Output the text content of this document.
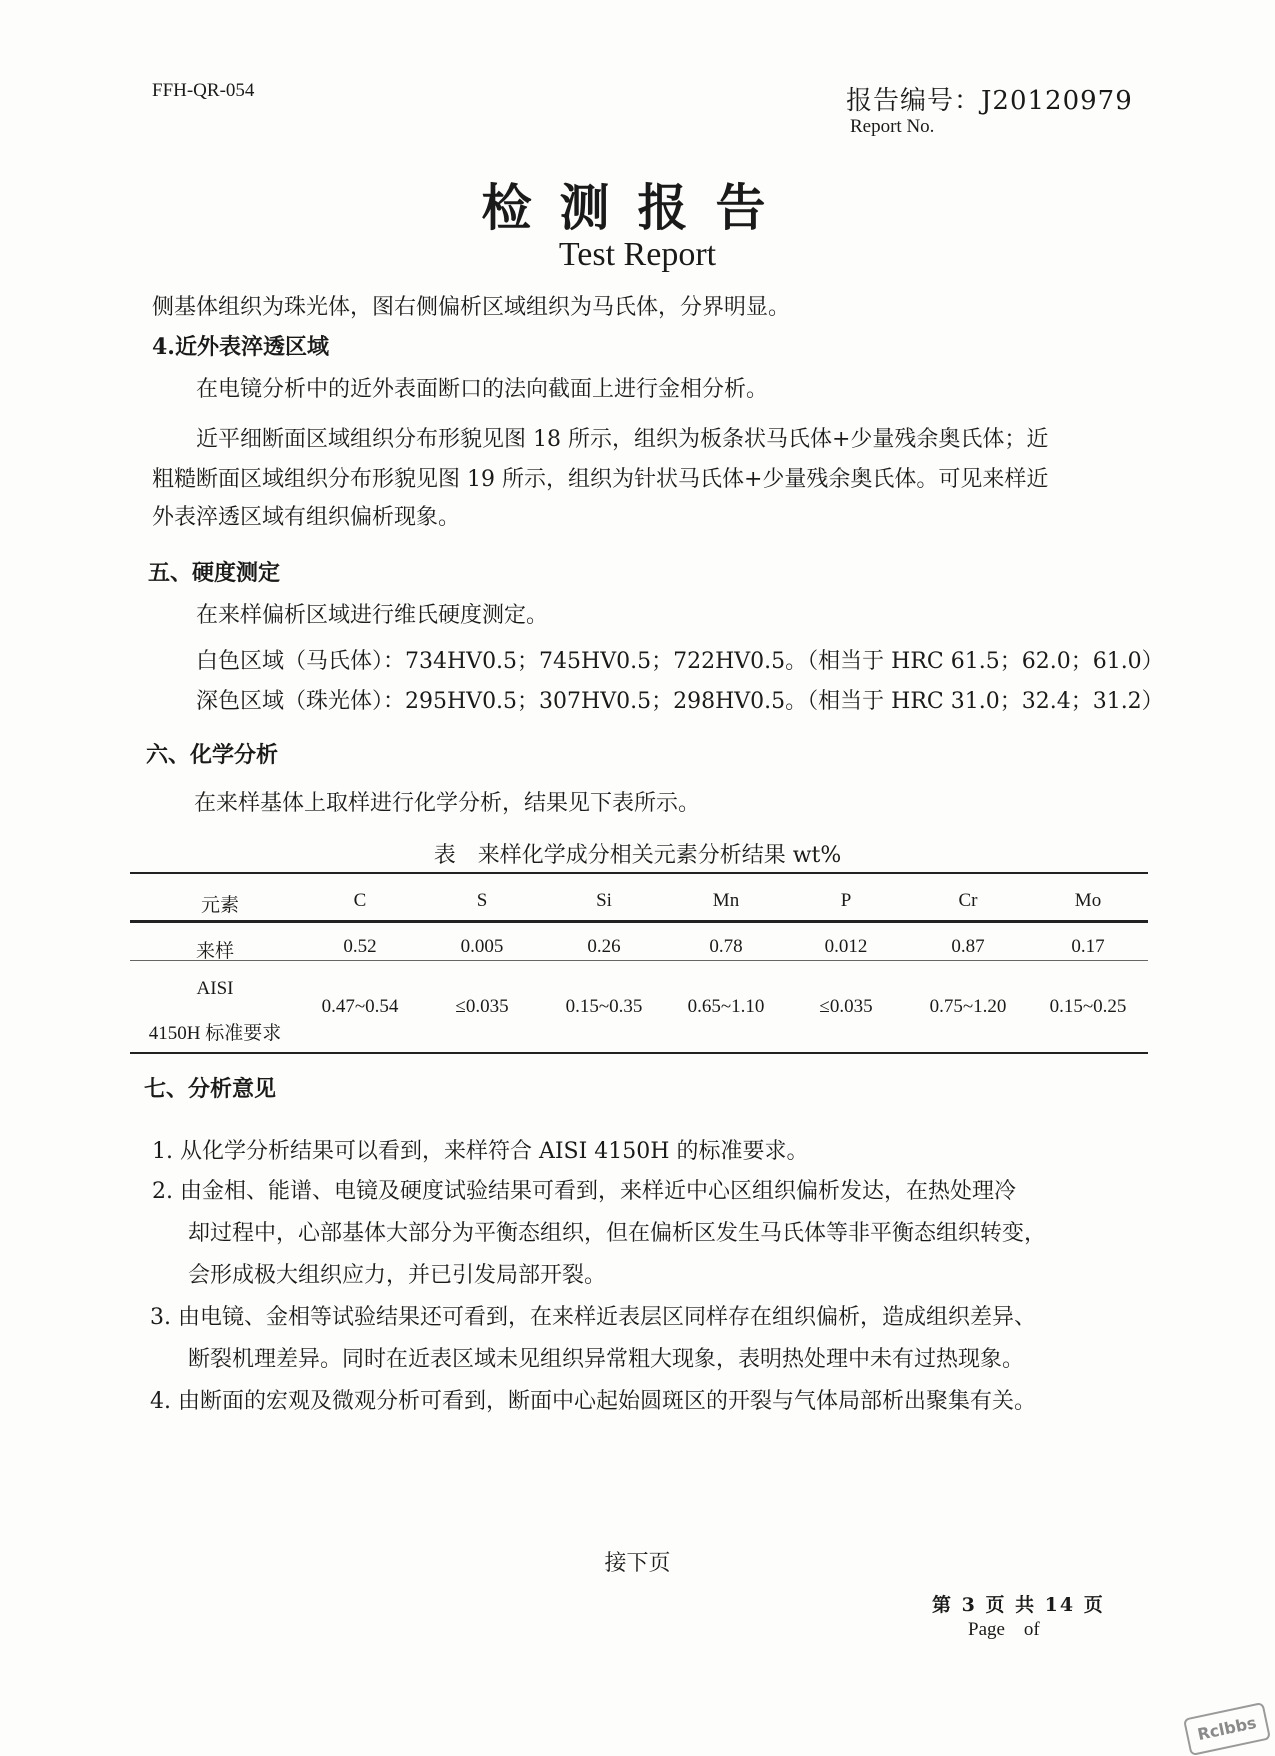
FFH-QR-054	报告编号：J20120979
Report No.
检测报告
Test Report
侧基体组织为珠光体，图右侧偏析区域组织为马氏体，分界明显。
4.近外表淬透区域
在电镜分析中的近外表面断口的法向截面上进行金相分析。
近平细断面区域组织分布形貌见图 18 所示，组织为板条状马氏体+少量残余奥氏体；近
粗糙断面区域组织分布形貌见图 19 所示，组织为针状马氏体+少量残余奥氏体。可见来样近
外表淬透区域有组织偏析现象。
五、硬度测定
在来样偏析区域进行维氏硬度测定。
白色区域（马氏体）：734HV0.5；745HV0.5；722HV0.5。（相当于 HRC 61.5；62.0；61.0）
深色区域（珠光体）：295HV0.5；307HV0.5；298HV0.5。（相当于 HRC 31.0；32.4；31.2）
六、化学分析
在来样基体上取样进行化学分析，结果见下表所示。
表　来样化学成分相关元素分析结果 wt%
元素	C	S	Si	Mn	P	Cr	Mo
来样	0.52	0.005	0.26	0.78	0.012	0.87	0.17
AISI
4150H 标准要求
0.47~0.54	≤0.035	0.15~0.35	0.65~1.10	≤0.035	0.75~1.20	0.15~0.25
七、分析意见
1. 从化学分析结果可以看到，来样符合 AISI 4150H 的标准要求。
2. 由金相、能谱、电镜及硬度试验结果可看到，来样近中心区组织偏析发达，在热处理冷
却过程中，心部基体大部分为平衡态组织，但在偏析区发生马氏体等非平衡态组织转变，
会形成极大组织应力，并已引发局部开裂。
3. 由电镜、金相等试验结果还可看到，在来样近表层区同样存在组织偏析，造成组织差异、
断裂机理差异。同时在近表区域未见组织异常粗大现象，表明热处理中未有过热现象。
4. 由断面的宏观及微观分析可看到，断面中心起始圆斑区的开裂与气体局部析出聚集有关。
接下页
第 3 页 共 14 页
Page　of
Rclbbs
